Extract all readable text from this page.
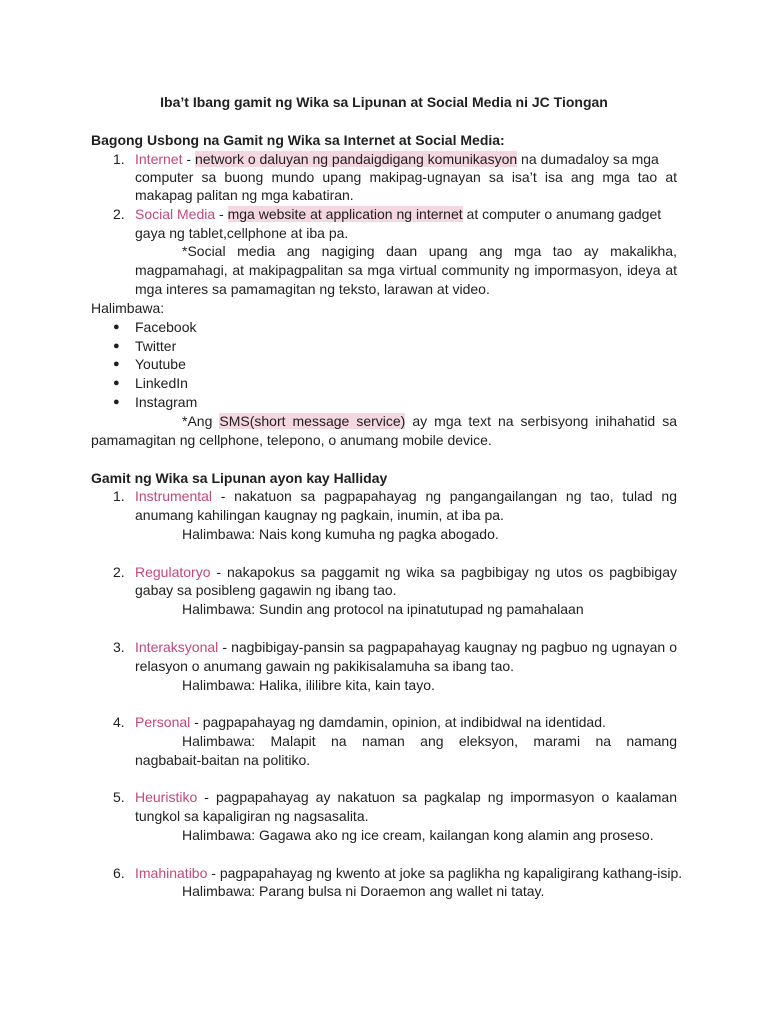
Iba’t Ibang gamit ng Wika sa Lipunan at Social Media ni JC Tiongan
Bagong Usbong na Gamit ng Wika sa Internet at Social Media:
1. Internet - network o daluyan ng pandaigdigang komunikasyon na dumadaloy sa mga
computer sa buong mundo upang makipag-ugnayan sa isa’t isa ang mga tao at
makapag palitan ng mga kabatiran.
2. Social Media - mga website at application ng internet at computer o anumang gadget
gaya ng tablet,cellphone at iba pa.
*Social media ang nagiging daan upang ang mga tao ay makalikha,
magpamahagi, at makipagpalitan sa mga virtual community ng impormasyon, ideya at
mga interes sa pamamagitan ng teksto, larawan at video.
Halimbawa:
● Facebook
● Twitter
● Youtube
● LinkedIn
● Instagram
*Ang SMS(short message service) ay mga text na serbisyong inihahatid sa
pamamagitan ng cellphone, telepono, o anumang mobile device.
Gamit ng Wika sa Lipunan ayon kay Halliday
1. Instrumental - nakatuon sa pagpapahayag ng pangangailangan ng tao, tulad ng
anumang kahilingan kaugnay ng pagkain, inumin, at iba pa.
Halimbawa: Nais kong kumuha ng pagka abogado.
2. Regulatoryo - nakapokus sa paggamit ng wika sa pagbibigay ng utos os pagbibigay
gabay sa posibleng gagawin ng ibang tao.
Halimbawa: Sundin ang protocol na ipinatutupad ng pamahalaan
3. Interaksyonal - nagbibigay-pansin sa pagpapahayag kaugnay ng pagbuo ng ugnayan o
relasyon o anumang gawain ng pakikisalamuha sa ibang tao.
Halimbawa: Halika, ililibre kita, kain tayo.
4. Personal - pagpapahayag ng damdamin, opinion, at indibidwal na identidad.
Halimbawa: Malapit na naman ang eleksyon, marami na namang
nagbabait-baitan na politiko.
5. Heuristiko - pagpapahayag ay nakatuon sa pagkalap ng impormasyon o kaalaman
tungkol sa kapaligiran ng nagsasalita.
Halimbawa: Gagawa ako ng ice cream, kailangan kong alamin ang proseso.
6. Imahinatibo - pagpapahayag ng kwento at joke sa paglikha ng kapaligirang kathang-isip.
Halimbawa: Parang bulsa ni Doraemon ang wallet ni tatay.
